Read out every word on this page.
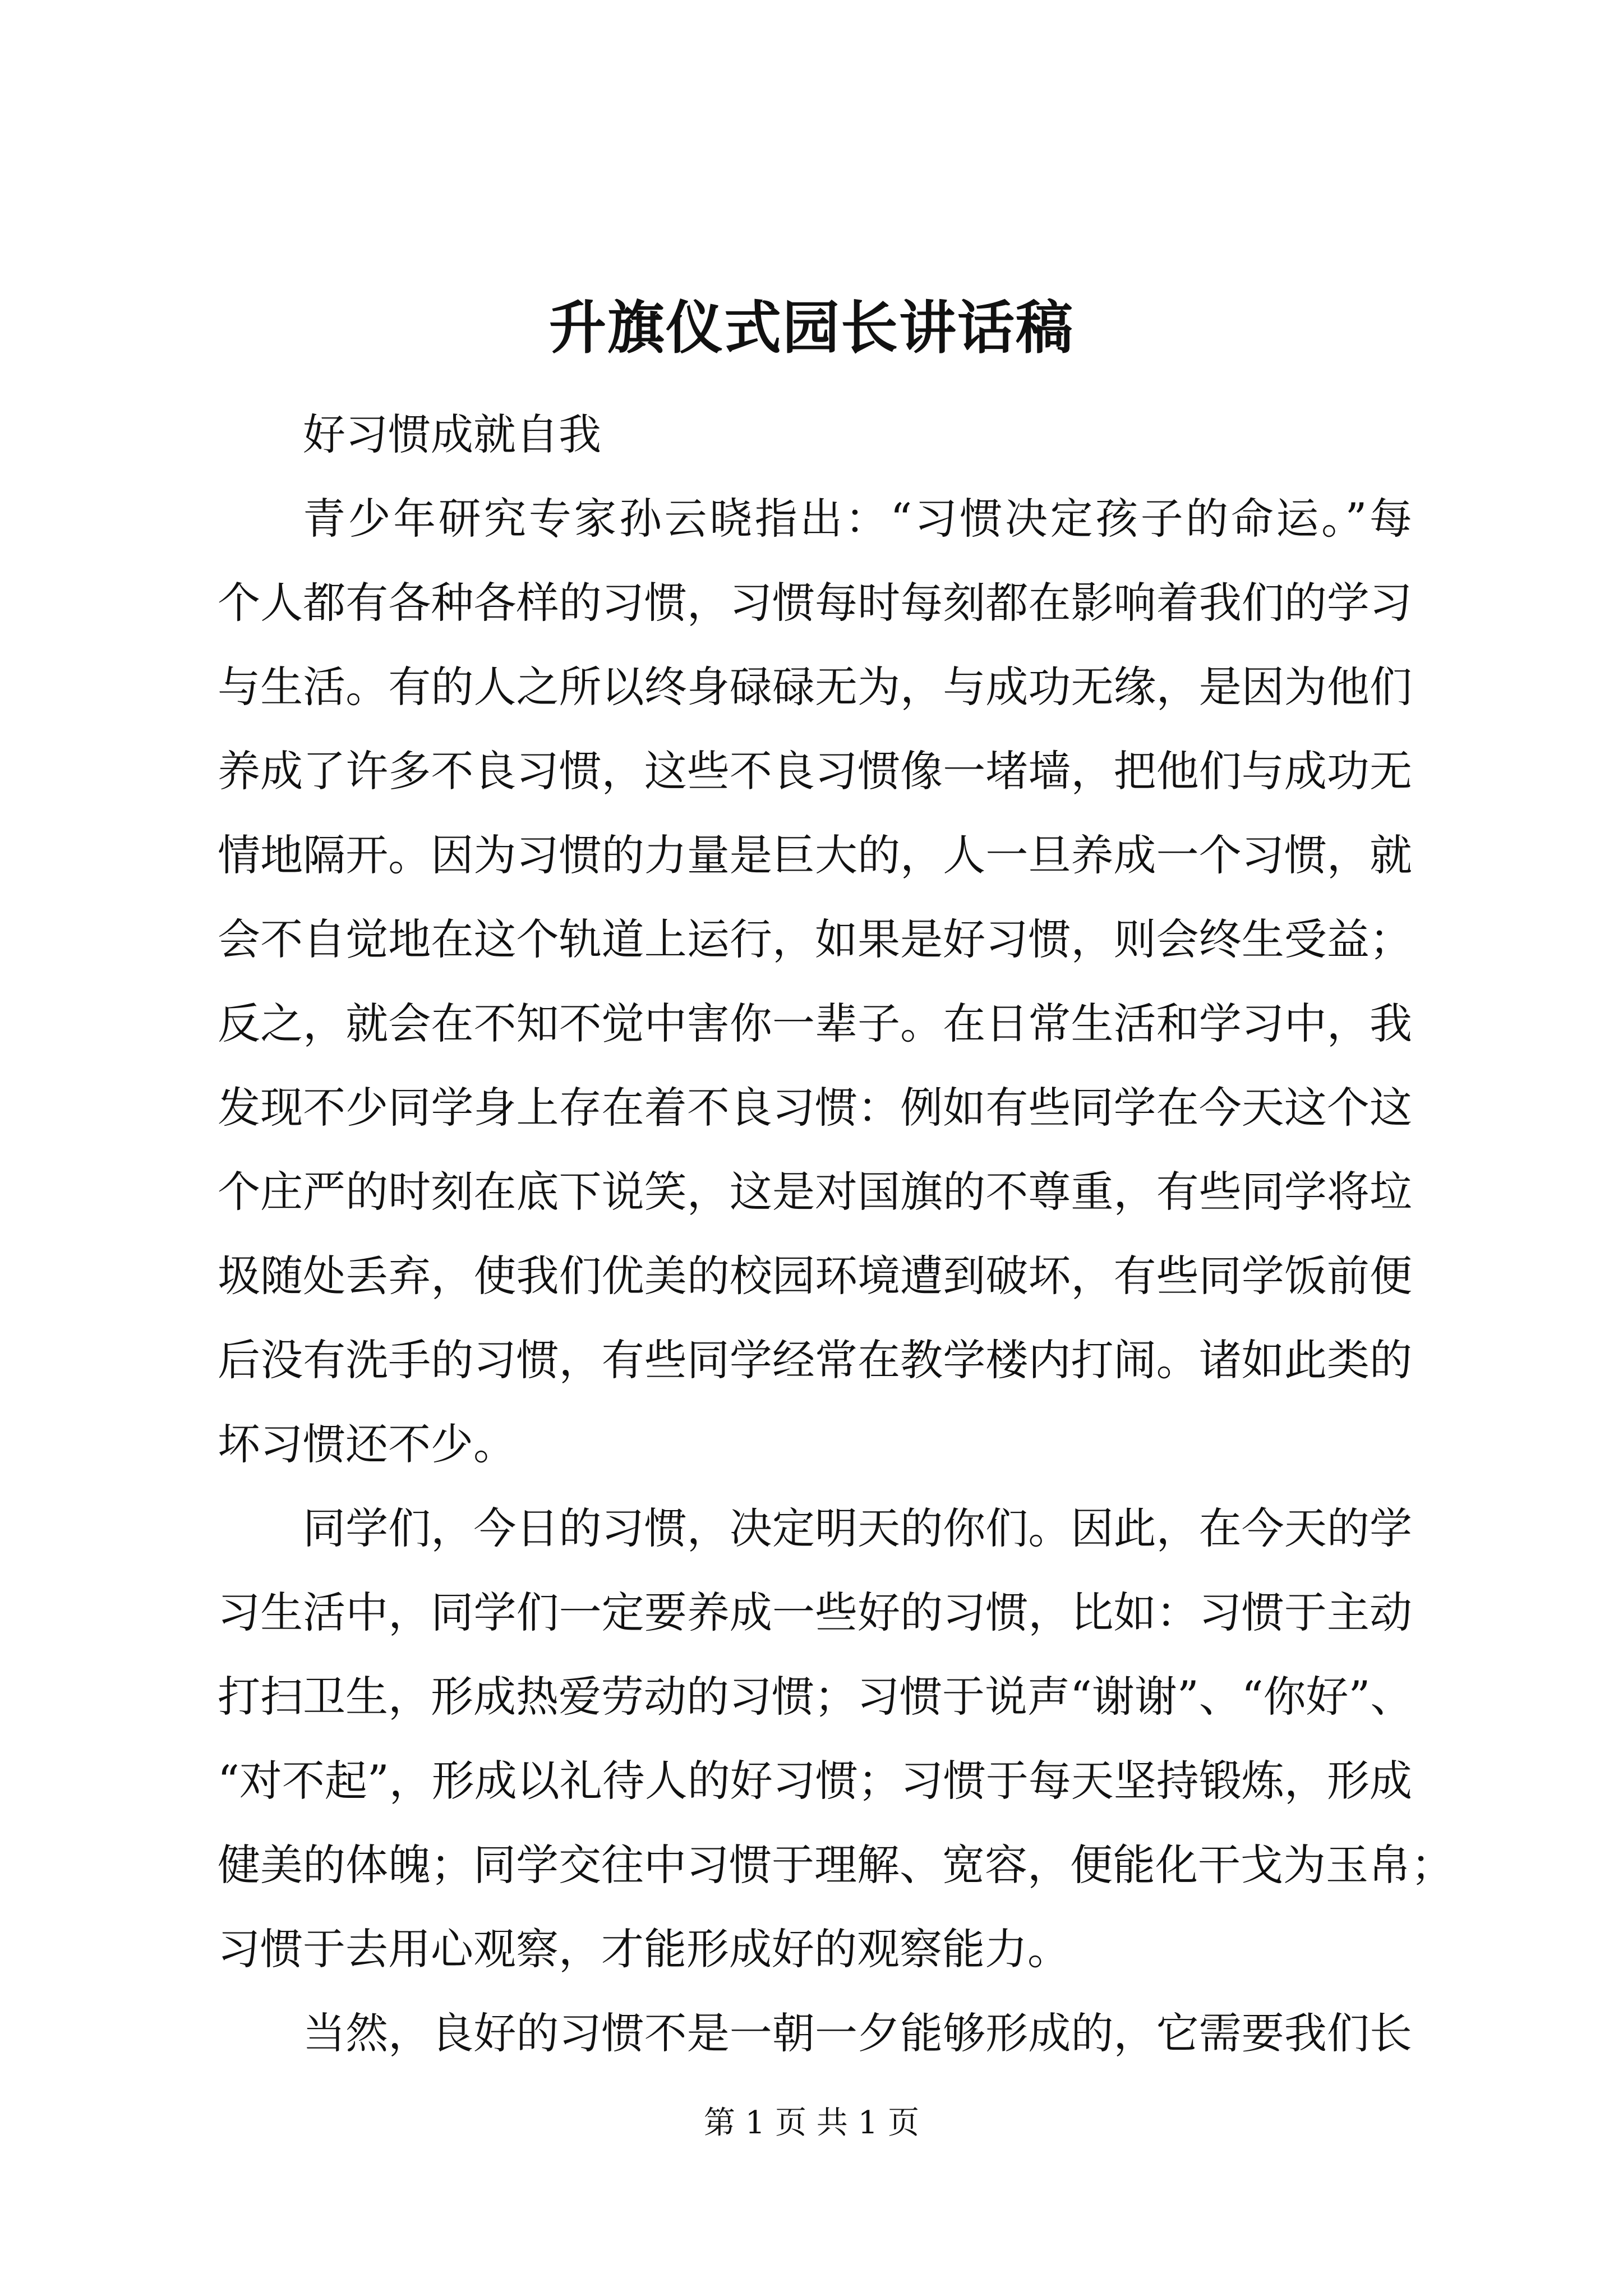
升旗仪式园长讲话稿
好习惯成就自我
青少年研究专家孙云晓指出：“习惯决定孩子的命运。”每
个人都有各种各样的习惯，习惯每时每刻都在影响着我们的学习
与生活。有的人之所以终身碌碌无为，与成功无缘，是因为他们
养成了许多不良习惯，这些不良习惯像一堵墙，把他们与成功无
情地隔开。因为习惯的力量是巨大的，人一旦养成一个习惯，就
会不自觉地在这个轨道上运行，如果是好习惯，则会终生受益；
反之，就会在不知不觉中害你一辈子。在日常生活和学习中，我
发现不少同学身上存在着不良习惯：例如有些同学在今天这个这
个庄严的时刻在底下说笑，这是对国旗的不尊重，有些同学将垃
圾随处丢弃，使我们优美的校园环境遭到破坏，有些同学饭前便
后没有洗手的习惯，有些同学经常在教学楼内打闹。诸如此类的
坏习惯还不少。
同学们，今日的习惯，决定明天的你们。因此，在今天的学
习生活中，同学们一定要养成一些好的习惯，比如：习惯于主动
打扫卫生，形成热爱劳动的习惯；习惯于说声“谢谢”、“你好”、
“对不起”，形成以礼待人的好习惯；习惯于每天坚持锻炼，形成
健美的体魄；同学交往中习惯于理解、宽容，便能化干戈为玉帛；
习惯于去用心观察，才能形成好的观察能力。
当然，良好的习惯不是一朝一夕能够形成的，它需要我们长
第 1 页 共 1 页
